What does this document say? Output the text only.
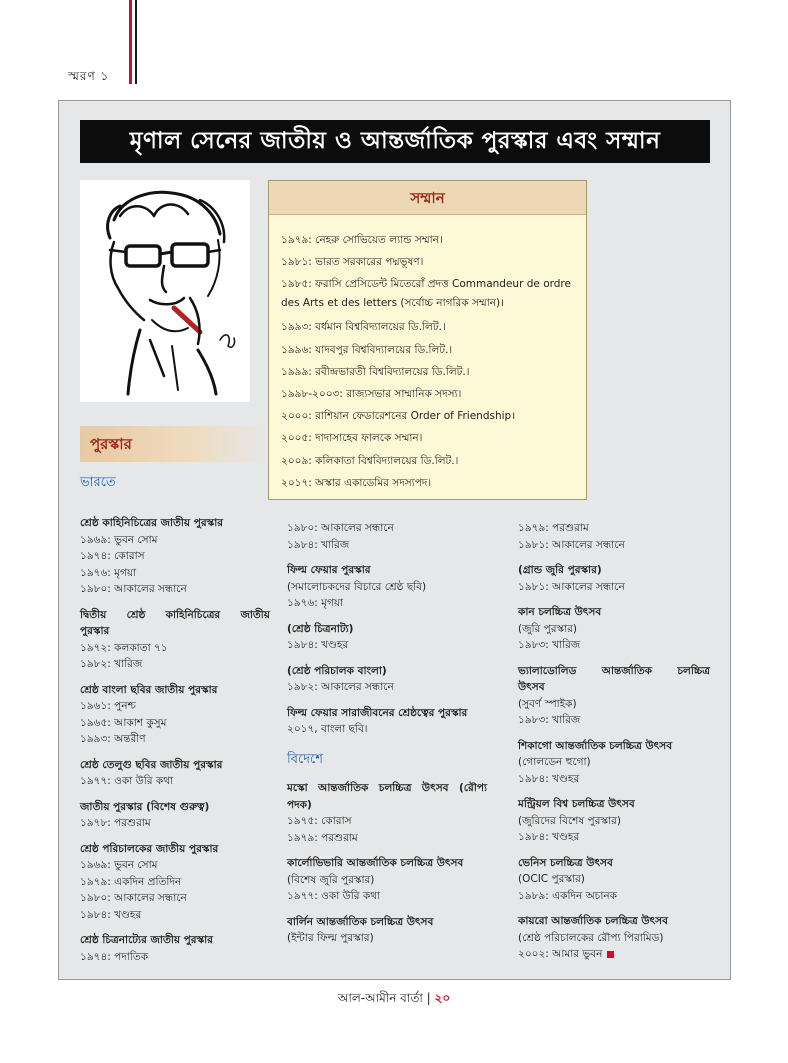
স্মরণ ১
মৃণাল সেনের জাতীয় ও আন্তর্জাতিক পুরস্কার এবং সম্মান
সম্মান
১৯৭৯: নেহরু সোভিয়েত ল্যান্ড সম্মান।
১৯৮১: ভারত সরকারের পদ্মভূষণ।
১৯৮৫: ফরাসি প্রেসিডেন্ট মিতেরোঁ প্রদত্ত Commandeur de ordre des Arts et des letters (সর্বোচ্চ নাগরিক সম্মান)।
১৯৯৩: বর্ধমান বিশ্ববিদ্যালয়ের ডি.লিট.।
১৯৯৬: যাদবপুর বিশ্ববিদ্যালয়ের ডি.লিট.।
১৯৯৯: রবীন্দ্রভারতী বিশ্ববিদ্যালয়ের ডি.লিট.।
১৯৯৮-২০০৩: রাজ্যসভার সাম্মানিক সদস্য।
২০০০: রাশিয়ান ফেডারেশনের Order of Friendship।
২০০৫: দাদাসাহেব ফালকে সম্মান।
২০০৯: কলিকাতা বিশ্ববিদ্যালয়ের ডি.লিট.।
২০১৭: অস্কার একাডেমির সদস্যপদ।
পুরস্কার
ভারতে
শ্রেষ্ঠ কাহিনিচিত্রের জাতীয় পুরস্কার
১৯৬৯: ভুবন সোম
১৯৭৪: কোরাস
১৯৭৬: মৃগয়া
১৯৮০: আকালের সন্ধানে
দ্বিতীয় শ্রেষ্ঠ কাহিনিচিত্রের জাতীয়
পুরস্কার
১৯৭২: কলকাতা ৭১
১৯৮২: খারিজ
শ্রেষ্ঠ বাংলা ছবির জাতীয় পুরস্কার
১৯৬১: পুনশ্চ
১৯৬৫: আকাশ কুসুম
১৯৯৩: অন্তরীণ
শ্রেষ্ঠ তেলুগু ছবির জাতীয় পুরস্কার
১৯৭৭: ওকা উরি কথা
জাতীয় পুরস্কার (বিশেষ গুরুত্ব)
১৯৭৮: পরশুরাম
শ্রেষ্ঠ পরিচালকের জাতীয় পুরস্কার
১৯৬৯: ভুবন সোম
১৯৭৯: একদিন প্রতিদিন
১৯৮০: আকালের সন্ধানে
১৯৮৪: খণ্ডহর
শ্রেষ্ঠ চিত্রনাট্যের জাতীয় পুরস্কার
১৯৭৪: পদাতিক
১৯৮০: আকালের সন্ধানে
১৯৮৪: খারিজ
ফিল্ম ফেয়ার পুরস্কার
(সমালোচকদের বিচারে শ্রেষ্ঠ ছবি)
১৯৭৬: মৃগয়া
(শ্রেষ্ঠ চিত্রনাট্য)
১৯৮৪: খণ্ডহর
(শ্রেষ্ঠ পরিচালক বাংলা)
১৯৮২: আকালের সন্ধানে
ফিল্ম ফেয়ার সারাজীবনের শ্রেষ্ঠত্বের পুরস্কার
২০১৭, বাংলা ছবি।
বিদেশে
মস্কো আন্তর্জাতিক চলচ্চিত্র উৎসব (রৌপ্য
পদক)
১৯৭৫: কোরাস
১৯৭৯: পরশুরাম
কার্লোভিভারি আন্তর্জাতিক চলচ্চিত্র উৎসব
(বিশেষ জুরি পুরস্কার)
১৯৭৭: ওকা উরি কথা
বার্লিন আন্তর্জাতিক চলচ্চিত্র উৎসব
(ইন্টার ফিল্ম পুরস্কার)
১৯৭৯: পরশুরাম
১৯৮১: আকালের সন্ধানে
(গ্রান্ড জুরি পুরস্কার)
১৯৮১: আকালের সন্ধানে
কান চলচ্চিত্র উৎসব
(জুরি পুরস্কার)
১৯৮৩: খারিজ
ভ্যালাডোলিড আন্তর্জাতিক চলচ্চিত্র
উৎসব
(সুবর্ণ স্পাইক)
১৯৮৩: খারিজ
শিকাগো আন্তর্জাতিক চলচ্চিত্র উৎসব
(গোলডেন হুগো)
১৯৮৪: খণ্ডহর
মন্ট্রিয়ল বিশ্ব চলচ্চিত্র উৎসব
(জুরিদের বিশেষ পুরস্কার)
১৯৮৪: খণ্ডহর
ভেনিস চলচ্চিত্র উৎসব
(OCIC পুরস্কার)
১৯৮৯: একদিন অচানক
কায়রো আন্তর্জাতিক চলচ্চিত্র উৎসব
(শ্রেষ্ঠ পরিচালকের রৌপ্য পিরামিড)
২০০২: আমার ভুবন
আল-আমীন বার্তা | ২০
